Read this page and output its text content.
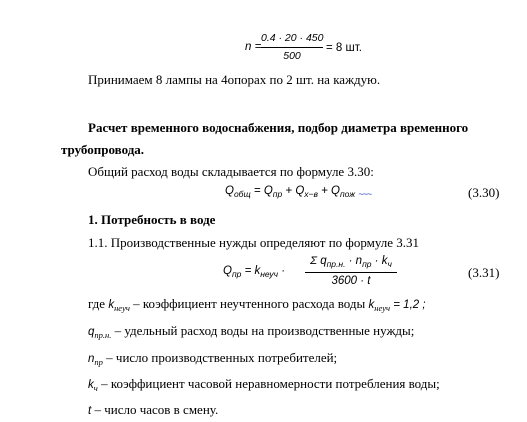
n =
0.4 · 20 · 450
500
= 8 шт.
Принимаем 8 лампы на 4опорах по 2 шт. на каждую.
Расчет временного водоснабжения, подбор диаметра временного
трубопровода.
Общий расход воды складывается по формуле 3.30:
$Q_{общ} = Q_{пр} + Q_{х-в} + Q_{пож}$ $_{\sim\sim\sim}$	(3.30)
1. Потребность в воде
1.1. Производственные нужды определяют по формуле 3.31
$Q_{пр} = k_{неуч}$ ·
Σ $q_{пр.н.} \cdot n_{пр} \cdot k_ч$
3600 · t
(3.31)
где $k_{неуч}$ – коэффициент неучтенного расхода воды $k_{неуч} = 1,2$ ;
$q_{пр.н.}$ – удельный расход воды на производственные нужды;
$n_{пр}$ – число производственных потребителей;
$k_ч$ – коэффициент часовой неравномерности потребления воды;
t – число часов в смену.
